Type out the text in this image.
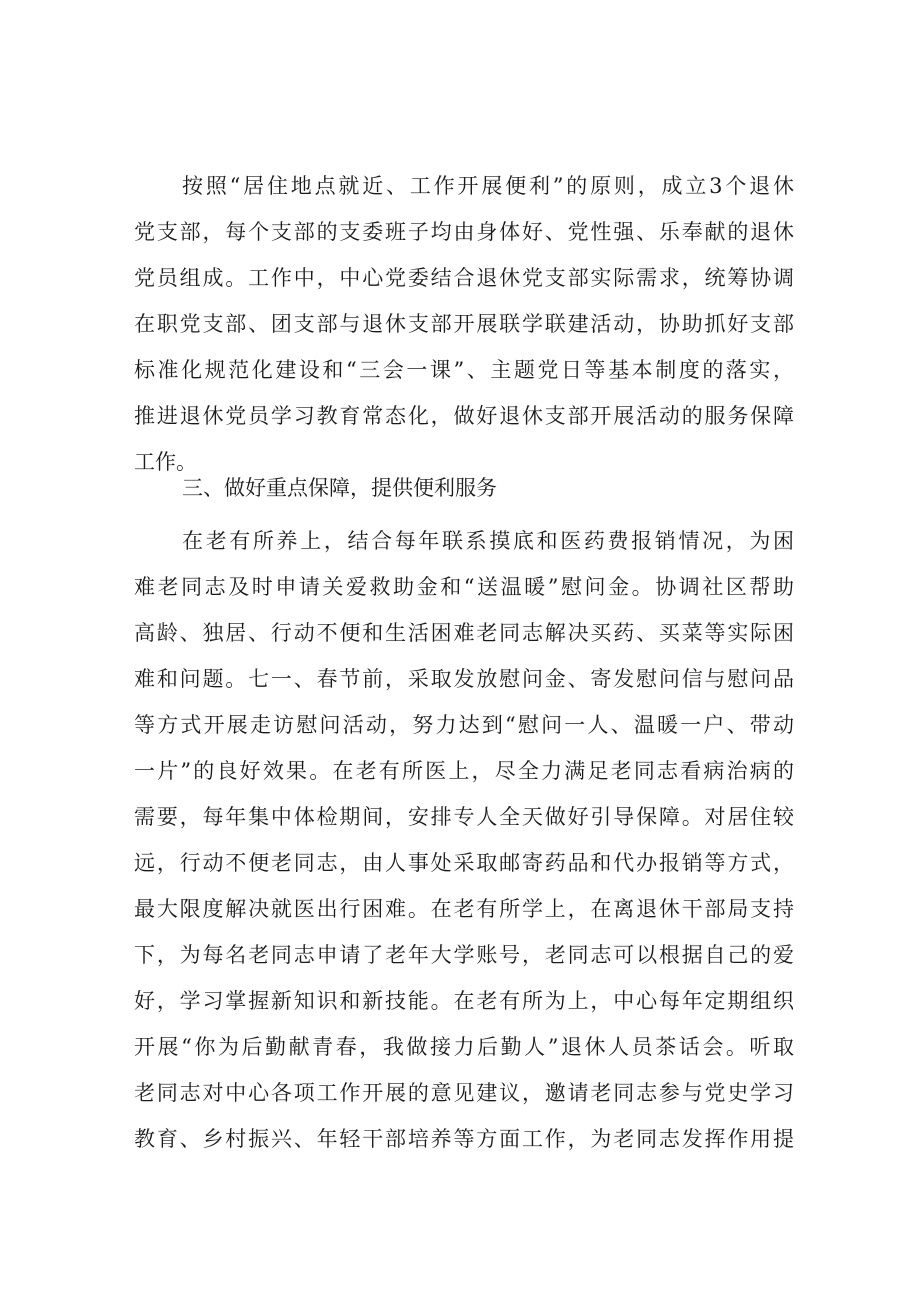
按照“居住地点就近、工作开展便利”的原则，成立3个退休
党支部，每个支部的支委班子均由身体好、党性强、乐奉献的退休
党员组成。工作中，中心党委结合退休党支部实际需求，统筹协调
在职党支部、团支部与退休支部开展联学联建活动，协助抓好支部
标准化规范化建设和“三会一课”、主题党日等基本制度的落实，
推进退休党员学习教育常态化，做好退休支部开展活动的服务保障
工作。
三、做好重点保障，提供便利服务
在老有所养上，结合每年联系摸底和医药费报销情况，为困
难老同志及时申请关爱救助金和“送温暖”慰问金。协调社区帮助
高龄、独居、行动不便和生活困难老同志解决买药、买菜等实际困
难和问题。七一、春节前，采取发放慰问金、寄发慰问信与慰问品
等方式开展走访慰问活动，努力达到“慰问一人、温暖一户、带动
一片”的良好效果。在老有所医上，尽全力满足老同志看病治病的
需要，每年集中体检期间，安排专人全天做好引导保障。对居住较
远，行动不便老同志，由人事处采取邮寄药品和代办报销等方式，
最大限度解决就医出行困难。在老有所学上，在离退休干部局支持
下，为每名老同志申请了老年大学账号，老同志可以根据自己的爱
好，学习掌握新知识和新技能。在老有所为上，中心每年定期组织
开展“你为后勤献青春，我做接力后勤人”退休人员茶话会。听取
老同志对中心各项工作开展的意见建议，邀请老同志参与党史学习
教育、乡村振兴、年轻干部培养等方面工作，为老同志发挥作用提
